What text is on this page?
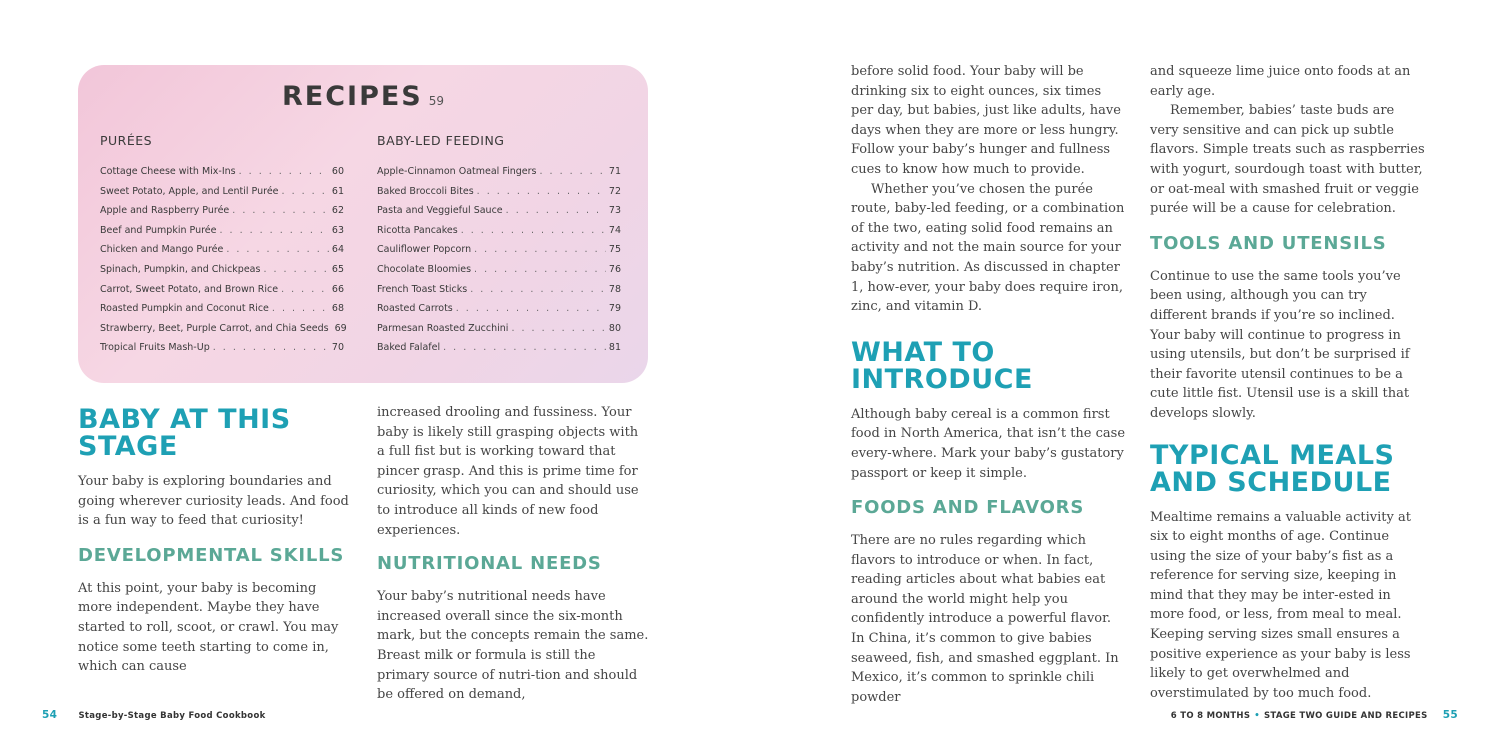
RECIPES 59
PURÉES
Cottage Cheese with Mix-Ins . . .	60
Sweet Potato, Apple, and Lentil Purée . . .	61
Apple and Raspberry Purée . . .	62
Beef and Pumpkin Purée . . .	63
Chicken and Mango Purée . . .	64
Spinach, Pumpkin, and Chickpeas . . .	65
Carrot, Sweet Potato, and Brown Rice . . .	66
Roasted Pumpkin and Coconut Rice . . .	68
Strawberry, Beet, Purple Carrot, and Chia Seeds 69
Tropical Fruits Mash-Up . . .	70
BABY-LED FEEDING
Apple-Cinnamon Oatmeal Fingers . . .	71
Baked Broccoli Bites . . .	72
Pasta and Veggieful Sauce . . .	73
Ricotta Pancakes . . .	74
Cauliflower Popcorn . . .	75
Chocolate Bloomies . . .	76
French Toast Sticks . . .	78
Roasted Carrots . . .	79
Parmesan Roasted Zucchini . . .	80
Baked Falafel . . .	81
BABY AT THIS
STAGE

Your baby is exploring boundaries and going wherever curiosity leads. And food is a fun way to feed that curiosity!

DEVELOPMENTAL SKILLS

At this point, your baby is becoming more independent. Maybe they have started to roll, scoot, or crawl. You may notice some teeth starting to come in, which can cause

increased drooling and fussiness. Your baby is likely still grasping objects with a full fist but is working toward that pincer grasp. And this is prime time for curiosity, which you can and should use to introduce all kinds of new food experiences.

NUTRITIONAL NEEDS

Your baby’s nutritional needs have increased overall since the six-month mark, but the concepts remain the same. Breast milk or formula is still the primary source of nutri-tion and should be offered on demand,

before solid food. Your baby will be drinking six to eight ounces, six times per day, but babies, just like adults, have days when they are more or less hungry. Follow your baby’s hunger and fullness cues to know how much to provide.

Whether you’ve chosen the purée route, baby-led feeding, or a combination of the two, eating solid food remains an activity and not the main source for your baby’s nutrition. As discussed in chapter 1, how-ever, your baby does require iron, zinc, and vitamin D.

WHAT TO
INTRODUCE

Although baby cereal is a common first food in North America, that isn’t the case every-where. Mark your baby’s gustatory passport or keep it simple.

FOODS AND FLAVORS

There are no rules regarding which flavors to introduce or when. In fact, reading articles about what babies eat around the world might help you confidently introduce a powerful flavor. In China, it’s common to give babies seaweed, fish, and smashed eggplant. In Mexico, it’s common to sprinkle chili powder

and squeeze lime juice onto foods at an early age.

Remember, babies’ taste buds are very sensitive and can pick up subtle flavors. Simple treats such as raspberries with yogurt, sourdough toast with butter, or oat-meal with smashed fruit or veggie purée will be a cause for celebration.

TOOLS AND UTENSILS

Continue to use the same tools you’ve been using, although you can try different brands if you’re so inclined. Your baby will continue to progress in using utensils, but don’t be surprised if their favorite utensil continues to be a cute little fist. Utensil use is a skill that develops slowly.

TYPICAL MEALS
AND SCHEDULE

Mealtime remains a valuable activity at six to eight months of age. Continue using the size of your baby’s fist as a reference for serving size, keeping in mind that they may be inter-ested in more food, or less, from meal to meal. Keeping serving sizes small ensures a positive experience as your baby is less likely to get overwhelmed and overstimulated by too much food.

54	Stage-by-Stage Baby Food Cookbook	6 TO 8 MONTHS • STAGE TWO GUIDE AND RECIPES 55
